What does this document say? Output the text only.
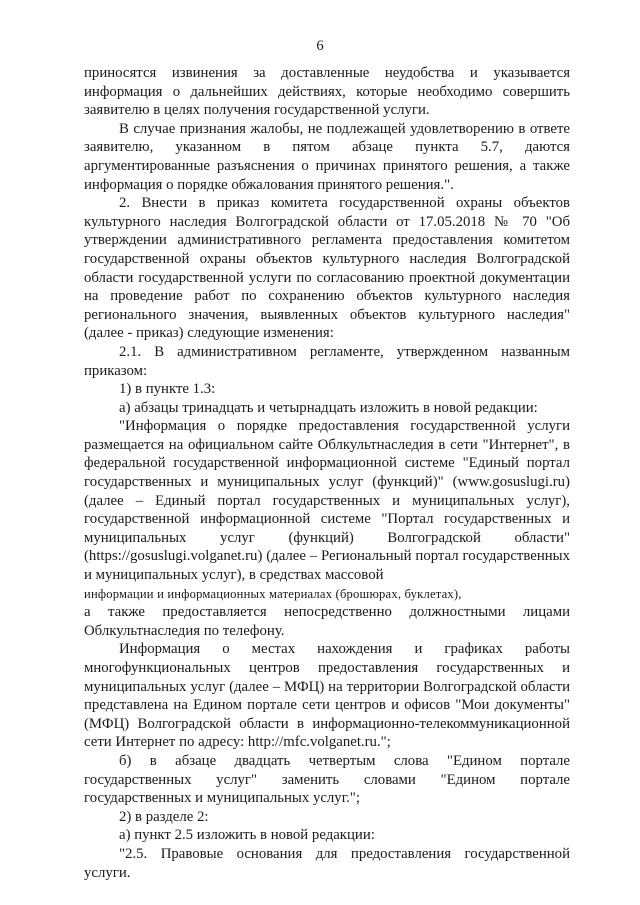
6

приносятся извинения за доставленные неудобства и указывается информация о дальнейших действиях, которые необходимо совершить заявителю в целях получения государственной услуги.

В случае признания жалобы, не подлежащей удовлетворению в ответе заявителю, указанном в пятом абзаце пункта 5.7, даются аргументированные разъяснения о причинах принятого решения, а также информация о порядке обжалования принятого решения.".

2. Внести в приказ комитета государственной охраны объектов культурного наследия Волгоградской области от 17.05.2018 № 70 "Об утверждении административного регламента предоставления комитетом государственной охраны объектов культурного наследия Волгоградской области государственной услуги по согласованию проектной документации на проведение работ по сохранению объектов культурного наследия регионального значения, выявленных объектов культурного наследия" (далее - приказ) следующие изменения:

2.1. В административном регламенте, утвержденном названным приказом:

1) в пункте 1.3:

а) абзацы тринадцать и четырнадцать изложить в новой редакции:

"Информация о порядке предоставления государственной услуги размещается на официальном сайте Облкультнаследия в сети "Интернет", в федеральной государственной информационной системе "Единый портал государственных и муниципальных услуг (функций)" (www.gosuslugi.ru) (далее – Единый портал государственных и муниципальных услуг), государственной информационной системе "Портал государственных и муниципальных услуг (функций) Волгоградской области" (https://gosuslugi.volganet.ru) (далее – Региональный портал государственных и муниципальных услуг), в средствах массовой

информации и информационных материалах (брошюрах, буклетах),

а также предоставляется непосредственно должностными лицами Облкультнаследия по телефону.

Информация о местах нахождения и графиках работы многофункциональных центров предоставления государственных и муниципальных услуг (далее – МФЦ) на территории Волгоградской области представлена на Едином портале сети центров и офисов "Мои документы" (МФЦ) Волгоградской области в информационно-телекоммуникационной сети Интернет по адресу: http://mfc.volganet.ru.";

б) в абзаце двадцать четвертым слова "Едином портале государственных услуг" заменить словами "Едином портале государственных и муниципальных услуг.";

2) в разделе 2:

а) пункт 2.5 изложить в новой редакции:

"2.5. Правовые основания для предоставления государственной услуги.
